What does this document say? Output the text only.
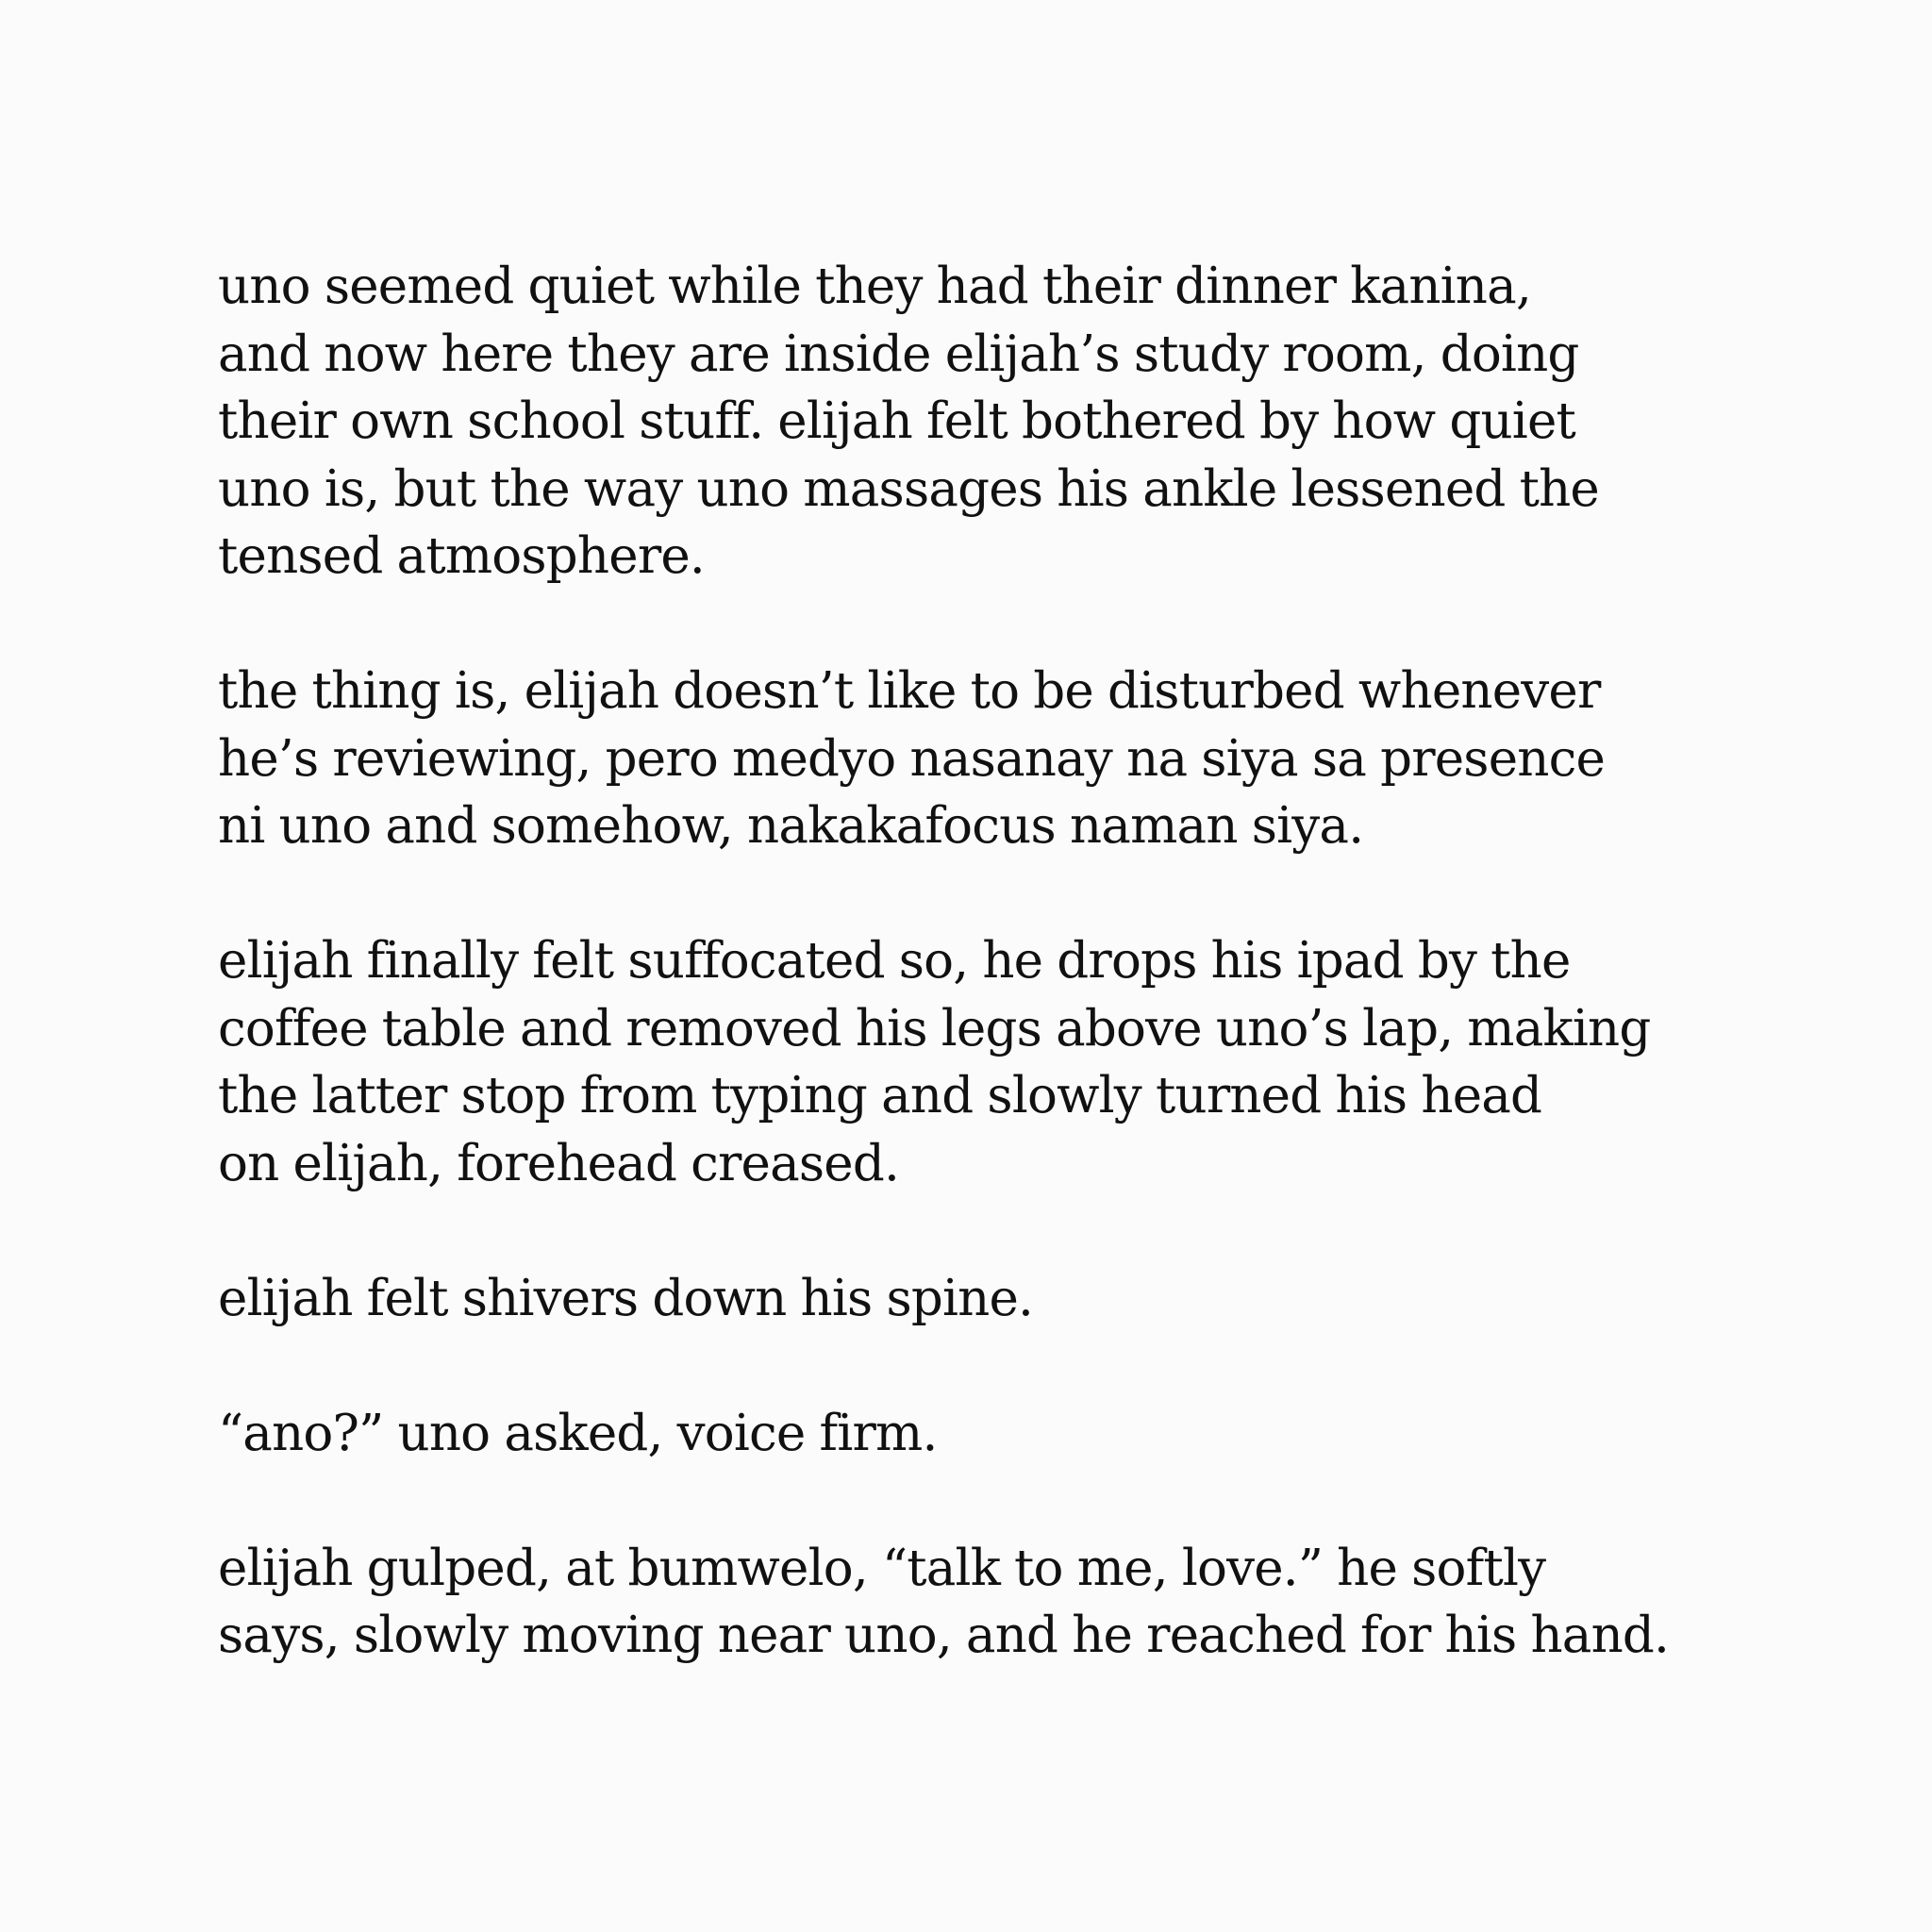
uno seemed quiet while they had their dinner kanina,
and now here they are inside elijah’s study room, doing
their own school stuff. elijah felt bothered by how quiet
uno is, but the way uno massages his ankle lessened the
tensed atmosphere.

the thing is, elijah doesn’t like to be disturbed whenever
he’s reviewing, pero medyo nasanay na siya sa presence
ni uno and somehow, nakakafocus naman siya.

elijah finally felt suffocated so, he drops his ipad by the
coffee table and removed his legs above uno’s lap, making
the latter stop from typing and slowly turned his head
on elijah, forehead creased.

elijah felt shivers down his spine.

“ano?” uno asked, voice firm.

elijah gulped, at bumwelo, “talk to me, love.” he softly
says, slowly moving near uno, and he reached for his hand.
